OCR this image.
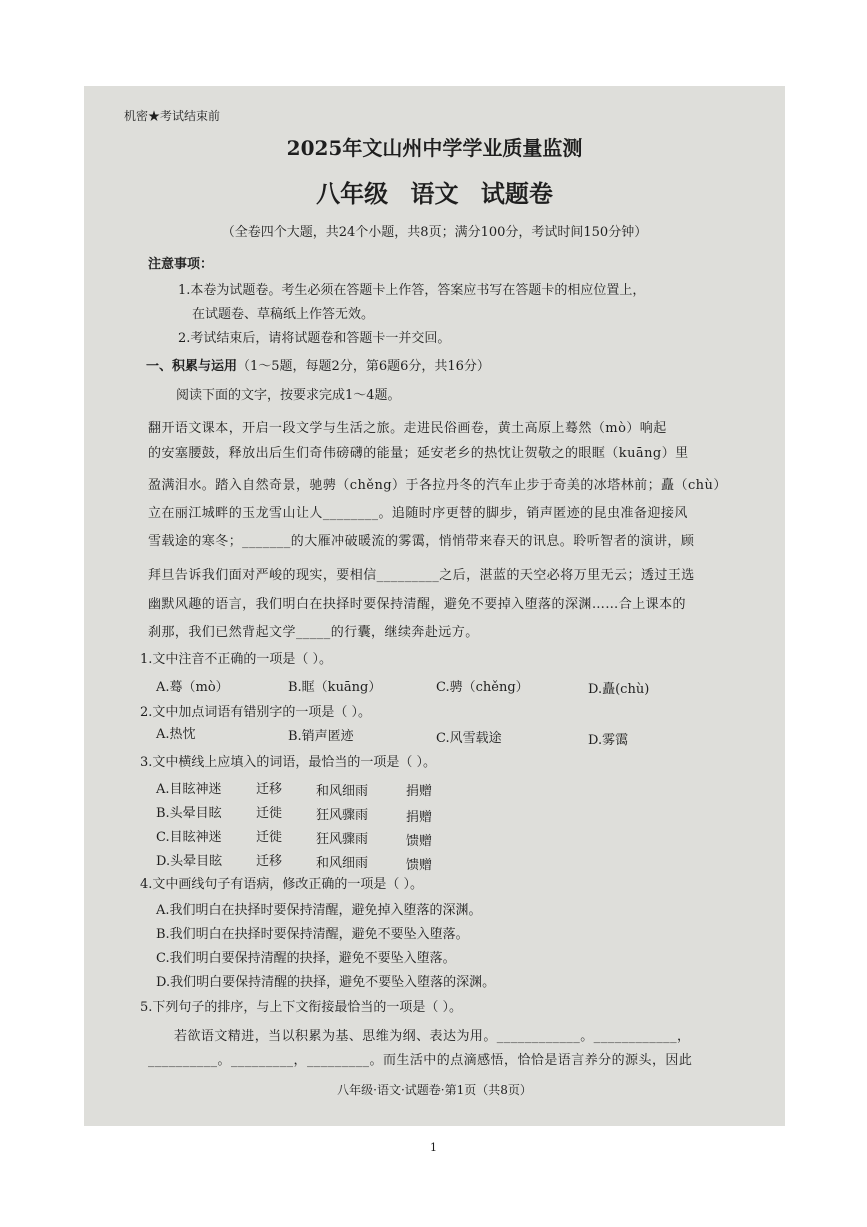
机密★考试结束前
2025年文山州中学学业质量监测
八年级 语文 试题卷
（全卷四个大题，共24个小题，共8页；满分100分，考试时间150分钟）
注意事项：
1.本卷为试题卷。考生必须在答题卡上作答，答案应书写在答题卡的相应位置上，
在试题卷、草稿纸上作答无效。
2.考试结束后，请将试题卷和答题卡一并交回。
一、积累与运用（1～5题，每题2分，第6题6分，共16分）
阅读下面的文字，按要求完成1～4题。
翻开语文课本，开启一段文学与生活之旅。走进民俗画卷，黄土高原上蓦然（mò）响起
的安塞腰鼓，释放出后生们奇伟磅礴的能量；延安老乡的热忱让贺敬之的眼眶（kuāng）里
盈满泪水。踏入自然奇景，驰骋（chěng）于各拉丹冬的汽车止步于奇美的冰塔林前；矗（chù）
立在丽江城畔的玉龙雪山让人________。追随时序更替的脚步，销声匿迹的昆虫准备迎接风
雪载途的寒冬；_______的大雁冲破暖流的雾霭，悄悄带来春天的讯息。聆听智者的演讲，顾
拜旦告诉我们面对严峻的现实，要相信_________之后，湛蓝的天空必将万里无云；透过王选
幽默风趣的语言，我们明白在抉择时要保持清醒，避免不要掉入堕落的深渊……合上课本的
刹那，我们已然背起文学_____的行囊，继续奔赴远方。
1.文中注音不正确的一项是（ ）。
A.蓦（mò）	B.眶（kuāng）	C.骋（chěng）	D.矗(chù)
2.文中加点词语有错别字的一项是（ ）。
A.热忱	B.销声匿迹	C.风雪载途	D.雾霭
3.文中横线上应填入的词语，最恰当的一项是（ ）。
A.目眩神迷	迁移	和风细雨	捐赠
B.头晕目眩	迁徙	狂风骤雨	捐赠
C.目眩神迷	迁徙	狂风骤雨	馈赠
D.头晕目眩	迁移	和风细雨	馈赠
4.文中画线句子有语病，修改正确的一项是（ ）。
A.我们明白在抉择时要保持清醒，避免掉入堕落的深渊。
B.我们明白在抉择时要保持清醒，避免不要坠入堕落。
C.我们明白要保持清醒的抉择，避免不要坠入堕落。
D.我们明白要保持清醒的抉择，避免不要坠入堕落的深渊。
5.下列句子的排序，与上下文衔接最恰当的一项是（ ）。
若欲语文精进，当以积累为基、思维为纲、表达为用。____________。____________，
__________。_________，_________。而生活中的点滴感悟，恰恰是语言养分的源头，因此
八年级·语文·试题卷·第1页（共8页）
1
